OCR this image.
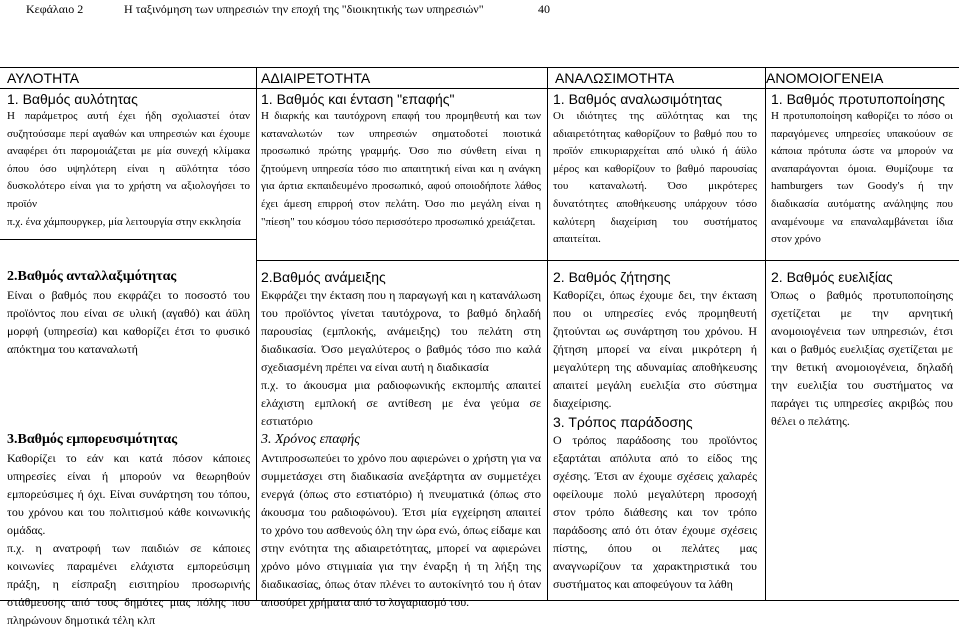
Κεφάλαιο 2	Η ταξινόμηση των υπηρεσιών την εποχή της "διοικητικής των υπηρεσιών"	40
ΑΥΛΟΤΗΤΑ

1. Βαθμός αυλότητας

Η παράμετρος αυτή έχει ήδη σχολιαστεί όταν συζητούσαμε περί αγαθών και υπηρεσιών και έχουμε αναφέρει ότι παρομοιάζεται με μία συνεχή κλίμακα όπου όσο υψηλότερη είναι η αϋλότητα τόσο δυσκολότερο είναι για το χρήστη να αξιολογήσει το προϊόν

π.χ. ένα χάμπουργκερ, μία λειτουργία στην εκκλησία

2.Βαθμός ανταλλαξιμότητας

Είναι ο βαθμός που εκφράζει το ποσοστό του προϊόντος που είναι σε υλική (αγαθό) και άϋλη μορφή (υπηρεσία) και καθορίζει έτσι το φυσικό απόκτημα του καταναλωτή

3.Βαθμός εμπορευσιμότητας

Καθορίζει το εάν και κατά πόσον κάποιες υπηρεσίες είναι ή μπορούν να θεωρηθούν εμπορεύσιμες ή όχι. Είναι συνάρτηση του τόπου, του χρόνου και του πολιτισμού κάθε κοινωνικής ομάδας.

π.χ. η ανατροφή των παιδιών σε κάποιες κοινωνίες παραμένει ελάχιστα εμπορεύσιμη πράξη, η είσπραξη εισιτηρίου προσωρινής στάθμευσης από τους δημότες μιας πόλης που πληρώνουν δημοτικά τέλη κλπ

ΑΔΙΑΙΡΕΤΟΤΗΤΑ

1. Βαθμός και ένταση "επαφής"

Η διαρκής και ταυτόχρονη επαφή του προμηθευτή και των καταναλωτών των υπηρεσιών σηματοδοτεί ποιοτικά προσωπικό πρώτης γραμμής. Όσο πιο σύνθετη είναι η ζητούμενη υπηρεσία τόσο πιο απαιτητική είναι και η ανάγκη για άρτια εκπαιδευμένο προσωπικό, αφού οποιοδήποτε λάθος έχει άμεση επιρροή στον πελάτη. Όσο πιο μεγάλη είναι η "πίεση" του κόσμου τόσο περισσότερο προσωπικό χρειάζεται.

2.Βαθμός ανάμειξης

Εκφράζει την έκταση που η παραγωγή και η κατανάλωση του προϊόντος γίνεται ταυτόχρονα, το βαθμό δηλαδή παρουσίας (εμπλοκής, ανάμειξης) του πελάτη στη διαδικασία. Όσο μεγαλύτερος ο βαθμός τόσο πιο καλά σχεδιασμένη πρέπει να είναι αυτή η διαδικασία

π.χ. το άκουσμα μια ραδιοφωνικής εκπομπής απαιτεί ελάχιστη εμπλοκή σε αντίθεση με ένα γεύμα σε εστιατόριο

3. Χρόνος επαφής

Αντιπροσωπεύει το χρόνο που αφιερώνει ο χρήστη για να συμμετάσχει στη διαδικασία ανεξάρτητα αν συμμετέχει ενεργά (όπως στο εστιατόριο) ή πνευματικά (όπως στο άκουσμα του ραδιοφώνου). Έτσι μία εγχείρηση απαιτεί το χρόνο του ασθενούς όλη την ώρα ενώ, όπως είδαμε και στην ενότητα της αδιαιρετότητας, μπορεί να αφιερώνει χρόνο μόνο στιγμιαία για την έναρξη ή τη λήξη της διαδικασίας, όπως όταν πλένει το αυτοκίνητό του ή όταν αποσύρει χρήματα από το λογαριασμό του.

ΑΝΑΛΩΣΙΜΟΤΗΤΑ

1. Βαθμός αναλωσιμότητας

Οι ιδιότητες της αϋλότητας και της αδιαιρετότητας καθορίζουν το βαθμό που το προϊόν επικυριαρχείται από υλικό ή άϋλο μέρος και καθορίζουν το βαθμό παρουσίας του καταναλωτή. Όσο μικρότερες δυνατότητες αποθήκευσης υπάρχουν τόσο καλύτερη διαχείριση του συστήματος απαιτείται.

2. Βαθμός ζήτησης

Καθορίζει, όπως έχουμε δει, την έκταση που οι υπηρεσίες ενός προμηθευτή ζητούνται ως συνάρτηση του χρόνου. Η ζήτηση μπορεί να είναι μικρότερη ή μεγαλύτερη της αδυναμίας αποθήκευσης απαιτεί μεγάλη ευελιξία στο σύστημα διαχείρισης.

3. Τρόπος παράδοσης

Ο τρόπος παράδοσης του προϊόντος εξαρτάται απόλυτα από το είδος της σχέσης. Έτσι αν έχουμε σχέσεις χαλαρές οφείλουμε πολύ μεγαλύτερη προσοχή στον τρόπο διάθεσης και τον τρόπο παράδοσης από ότι όταν έχουμε σχέσεις πίστης, όπου οι πελάτες μας αναγνωρίζουν τα χαρακτηριστικά του συστήματος και αποφεύγουν τα λάθη

ΑΝΟΜΟΙΟΓΕΝΕΙΑ

1. Βαθμός προτυποποίησης

Η προτυποποίηση καθορίζει το πόσο οι παραγόμενες υπηρεσίες υπακούουν σε κάποια πρότυπα ώστε να μπορούν να αναπαράγονται όμοια. Θυμίζουμε τα hamburgers των Goody's ή την διαδικασία αυτόματης ανάληψης που αναμένουμε να επαναλαμβάνεται ίδια στον χρόνο

2. Βαθμός ευελιξίας

Όπως ο βαθμός προτυποποίησης σχετίζεται με την αρνητική ανομοιογένεια των υπηρεσιών, έτσι και ο βαθμός ευελιξίας σχετίζεται με την θετική ανομοιογένεια, δηλαδή την ευελιξία του συστήματος να παράγει τις υπηρεσίες ακριβώς που θέλει ο πελάτης.
